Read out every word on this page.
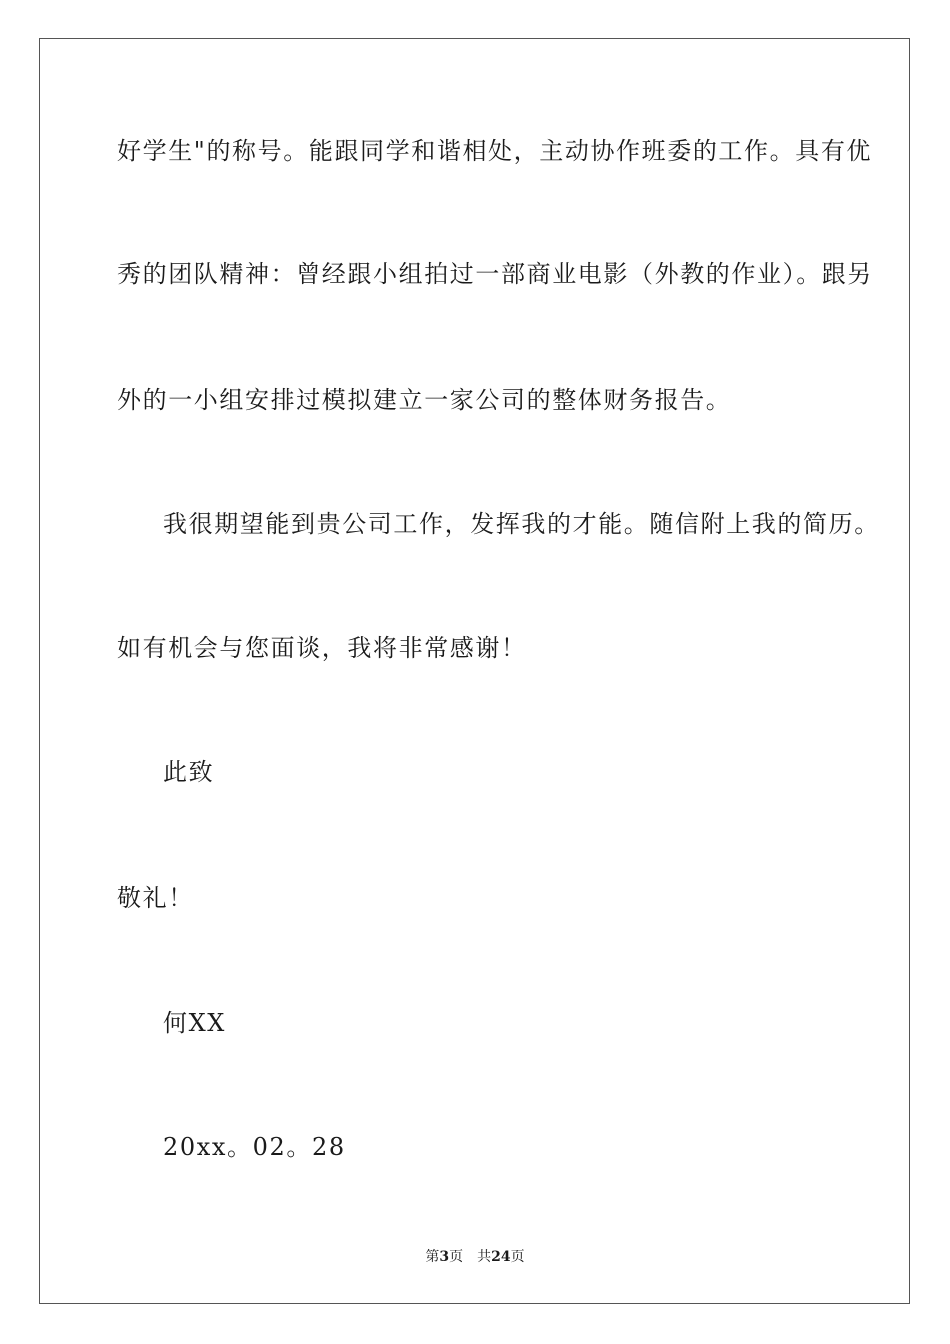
好学生"的称号。能跟同学和谐相处，主动协作班委的工作。具有优
秀的团队精神：曾经跟小组拍过一部商业电影（外教的作业）。跟另
外的一小组安排过模拟建立一家公司的整体财务报告。
我很期望能到贵公司工作，发挥我的才能。随信附上我的简历。
如有机会与您面谈，我将非常感谢！
此致
敬礼！
何XX
20xx。02。28
第3页 共24页
